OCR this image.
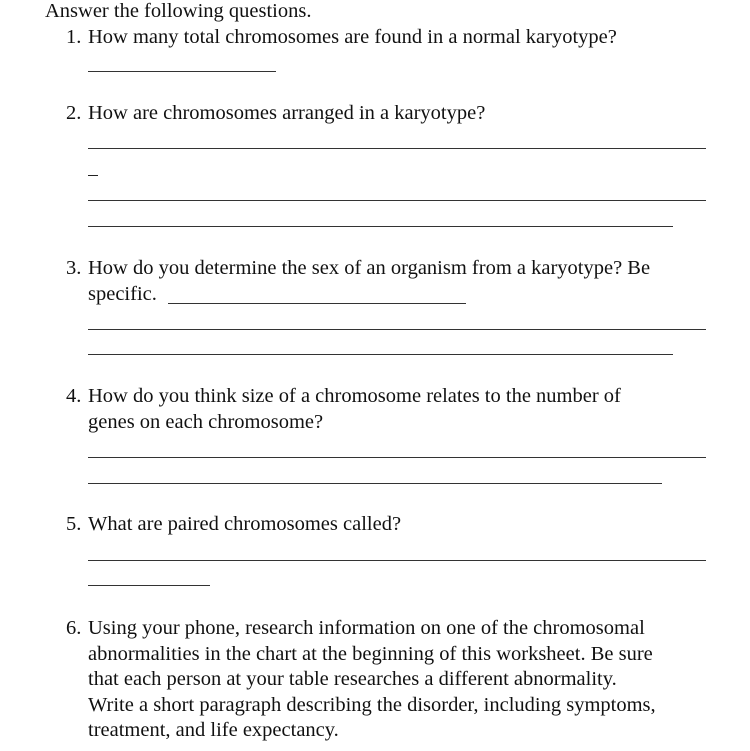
Answer the following questions.
1. How many total chromosomes are found in a normal karyotype?
2. How are chromosomes arranged in a karyotype?
3. How do you determine the sex of an organism from a karyotype? Be
specific.
4. How do you think size of a chromosome relates to the number of
genes on each chromosome?
5. What are paired chromosomes called?
6. Using your phone, research information on one of the chromosomal
abnormalities in the chart at the beginning of this worksheet. Be sure
that each person at your table researches a different abnormality.
Write a short paragraph describing the disorder, including symptoms,
treatment, and life expectancy.
